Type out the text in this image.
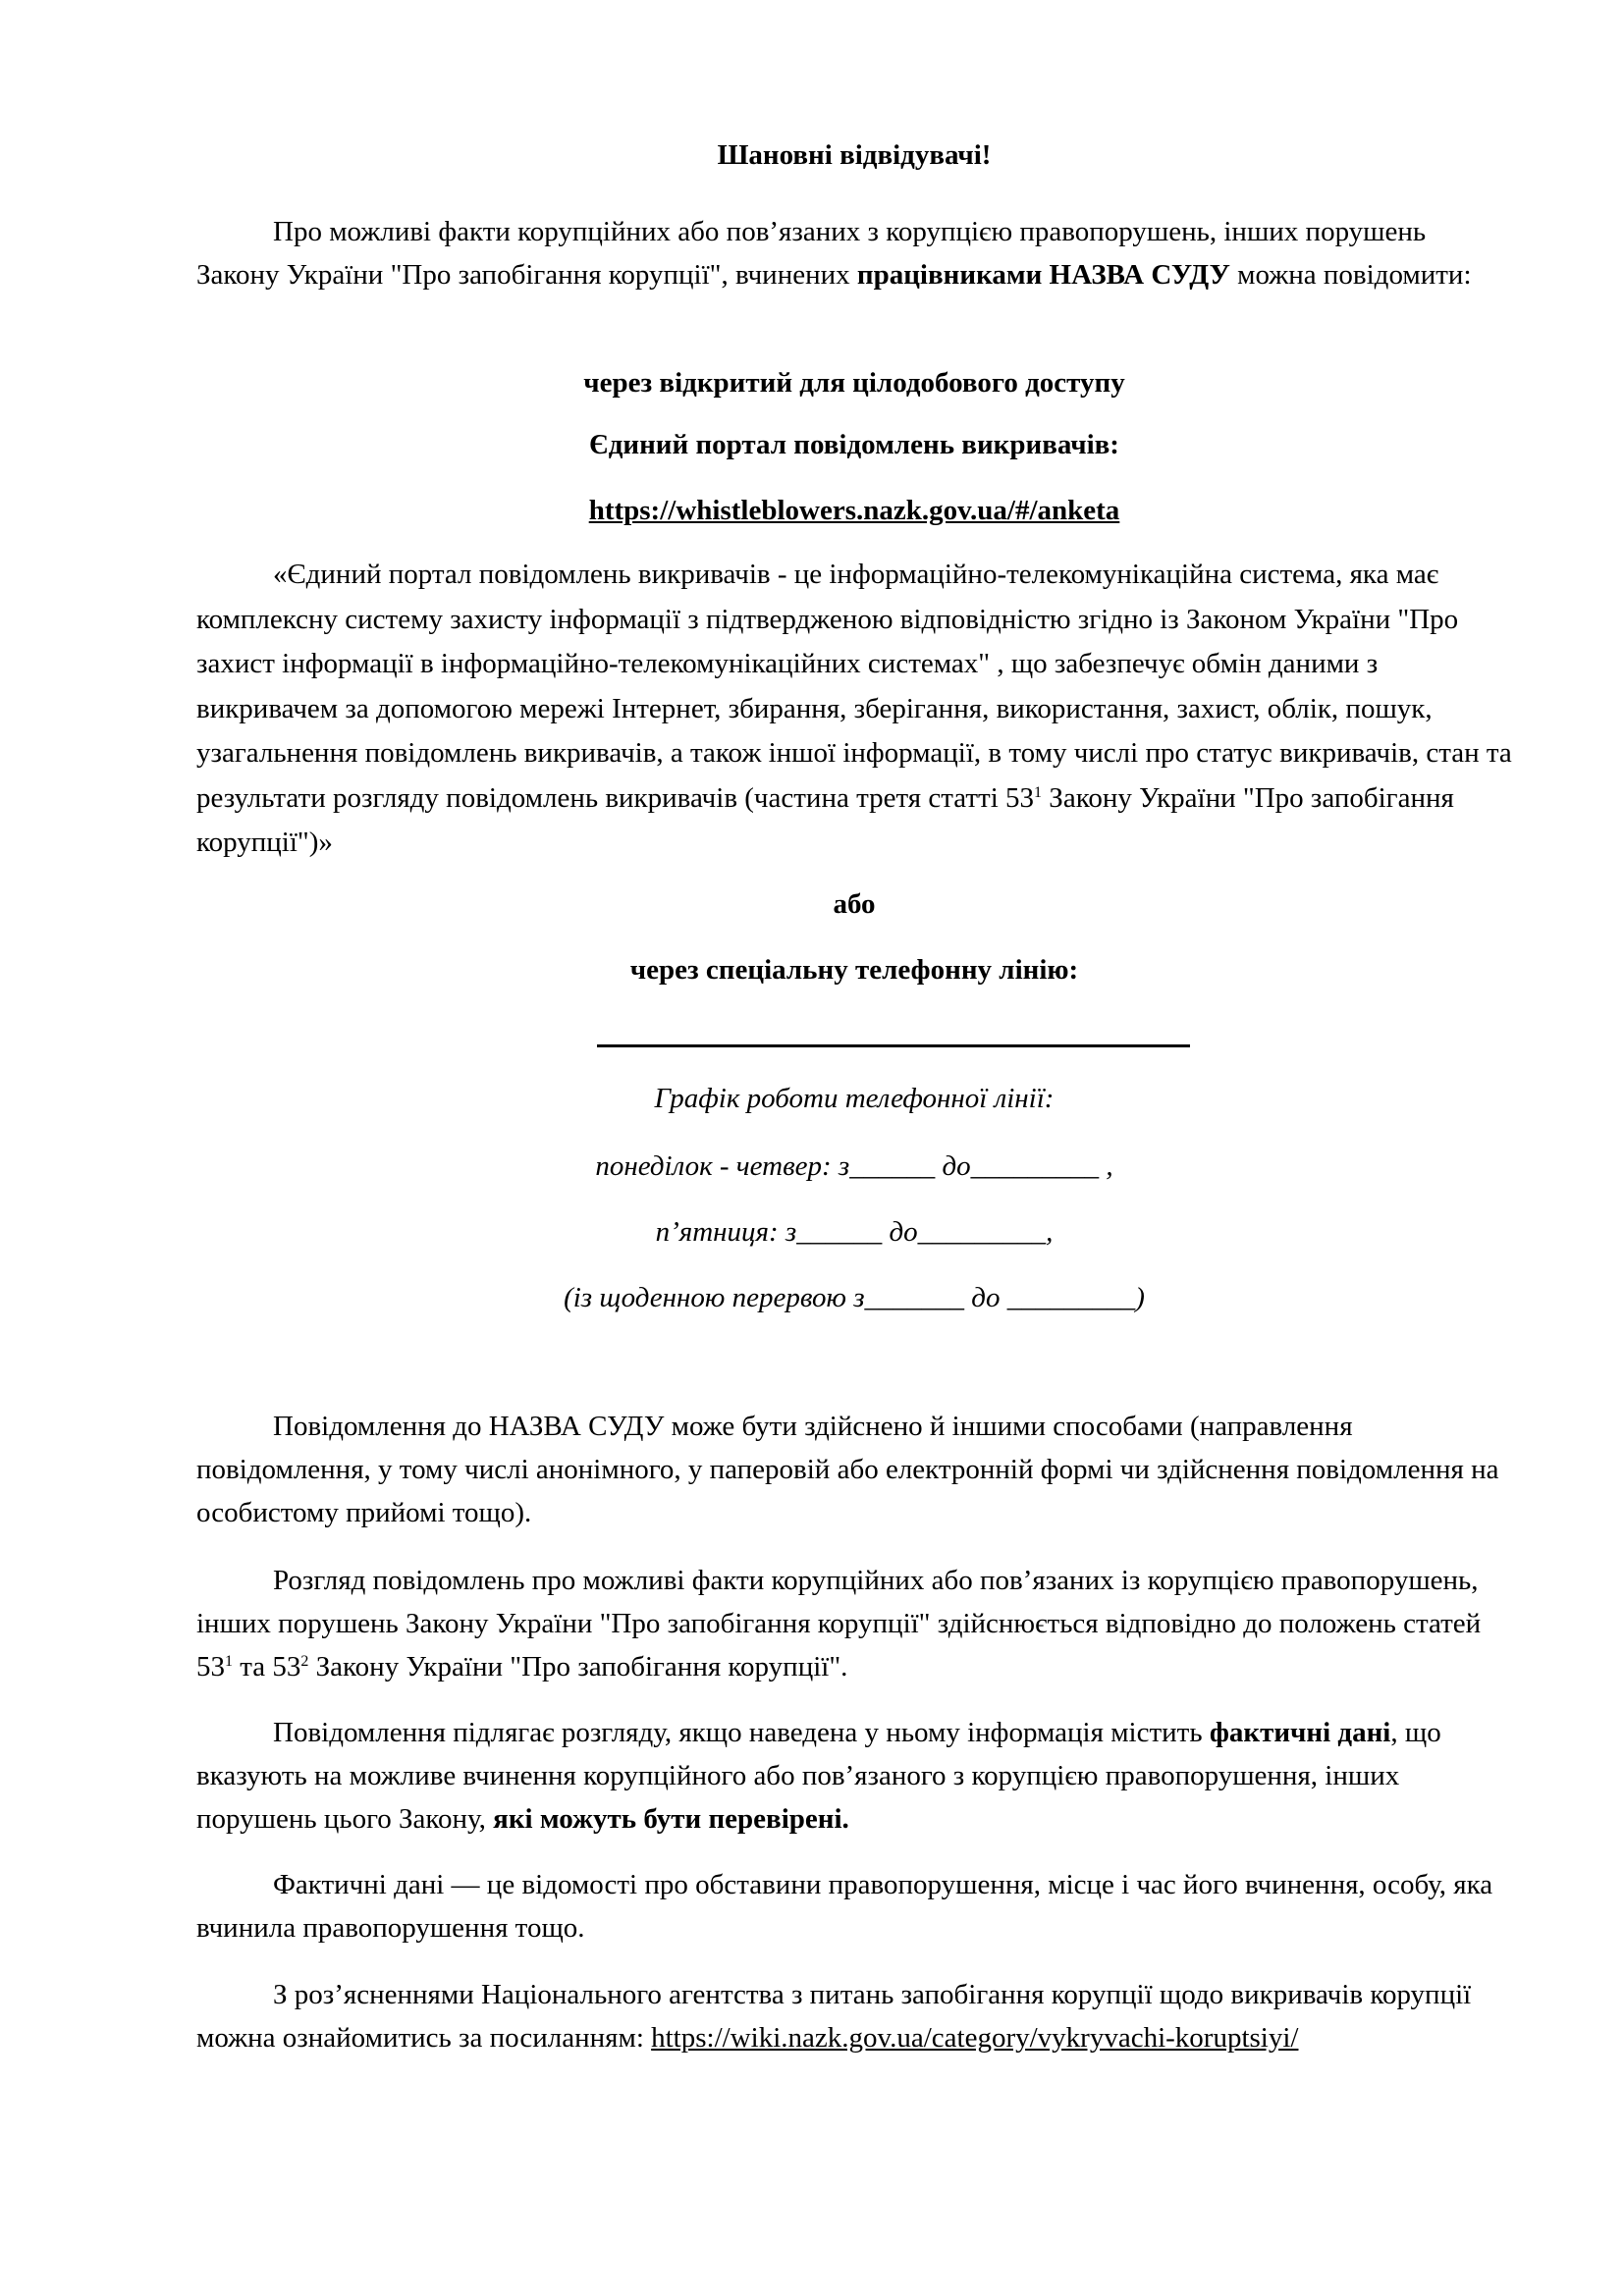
Шановні відвідувачі!
Про можливі факти корупційних або пов’язаних з корупцією правопорушень, інших порушень Закону України "Про запобігання корупції", вчинених працівниками НАЗВА СУДУ можна повідомити:
через відкритий для цілодобового доступу
Єдиний портал повідомлень викривачів:
https://whistleblowers.nazk.gov.ua/#/anketa
«Єдиний портал повідомлень викривачів - це інформаційно-телекомунікаційна система, яка має комплексну систему захисту інформації з підтвердженою відповідністю згідно із Законом України "Про захист інформації в інформаційно-телекомунікаційних системах" , що забезпечує обмін даними з викривачем за допомогою мережі Інтернет, збирання, зберігання, використання, захист, облік, пошук, узагальнення повідомлень викривачів, а також іншої інформації, в тому числі про статус викривачів, стан та результати розгляду повідомлень викривачів (частина третя статті $53^1$ Закону України "Про запобігання корупції")»
або
через спеціальну телефонну лінію:
Графік роботи телефонної лінії:
понеділок - четвер: з______ до_________ ,
п’ятниця: з______ до_________,
(із щоденною перервою з_______ до _________)
Повідомлення до НАЗВА СУДУ може бути здійснено й іншими способами (направлення повідомлення, у тому числі анонімного, у паперовій або електронній формі чи здійснення повідомлення на особистому прийомі тощо).
Розгляд повідомлень про можливі факти корупційних або пов’язаних із корупцією правопорушень, інших порушень Закону України "Про запобігання корупції" здійснюється відповідно до положень статей $53^1$ та $53^2$ Закону України "Про запобігання корупції".
Повідомлення підлягає розгляду, якщо наведена у ньому інформація містить фактичні дані, що вказують на можливе вчинення корупційного або пов’язаного з корупцією правопорушення, інших порушень цього Закону, які можуть бути перевірені.
Фактичні дані — це відомості про обставини правопорушення, місце і час його вчинення, особу, яка вчинила правопорушення тощо.
З роз’ясненнями Національного агентства з питань запобігання корупції щодо викривачів корупції можна ознайомитись за посиланням: https://wiki.nazk.gov.ua/category/vykryvachi-koruptsiyi/
